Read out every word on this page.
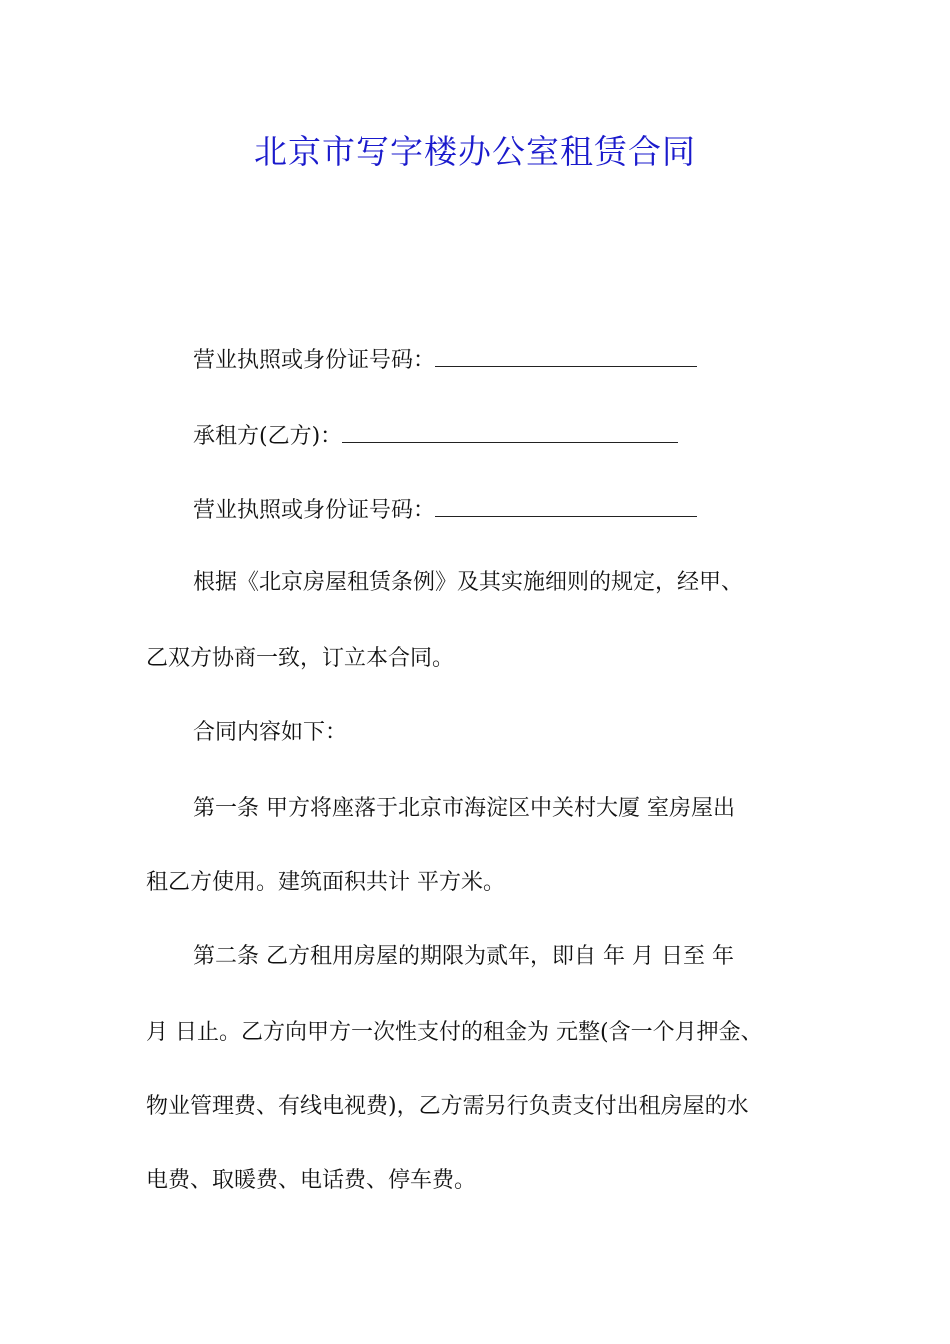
北京市写字楼办公室租赁合同
营业执照或身份证号码：
承租方(乙方)：
营业执照或身份证号码：
根据《北京房屋租赁条例》及其实施细则的规定，经甲、
乙双方协商一致，订立本合同。
合同内容如下：
第一条 甲方将座落于北京市海淀区中关村大厦 室房屋出
租乙方使用。建筑面积共计 平方米。
第二条 乙方租用房屋的期限为贰年，即自 年 月 日至 年
月 日止。乙方向甲方一次性支付的租金为 元整(含一个月押金、
物业管理费、有线电视费)，乙方需另行负责支付出租房屋的水
电费、取暖费、电话费、停车费。
